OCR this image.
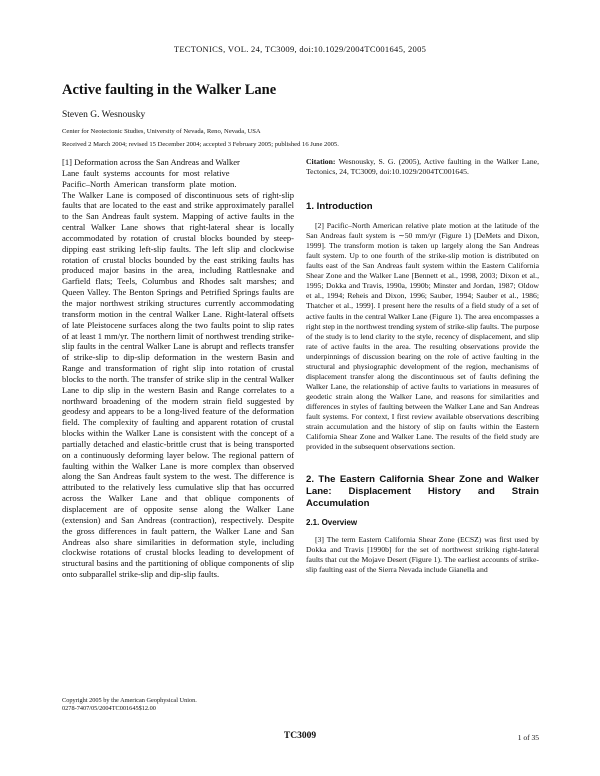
TECTONICS, VOL. 24, TC3009, doi:10.1029/2004TC001645, 2005
Active faulting in the Walker Lane
Steven G. Wesnousky
Center for Neotectonic Studies, University of Nevada, Reno, Nevada, USA
Received 2 March 2004; revised 15 December 2004; accepted 3 February 2005; published 16 June 2005.
[1] Deformation across the San Andreas and Walker
Lane  fault  systems  accounts  for  most  relative
Pacific–North  American  transform  plate  motion.

The Walker Lane is composed of discontinuous sets of right-slip faults that are located to the east and strike approximately parallel to the San Andreas fault system. Mapping of active faults in the central Walker Lane shows that right-lateral shear is locally accommodated by rotation of crustal blocks bounded by steep-dipping east striking left-slip faults. The left slip and clockwise rotation of crustal blocks bounded by the east striking faults has produced major basins in the area, including Rattlesnake and Garfield flats; Teels, Columbus and Rhodes salt marshes; and Queen Valley. The Benton Springs and Petrified Springs faults are the major northwest striking structures currently accommodating transform motion in the central Walker Lane. Right-lateral offsets of late Pleistocene surfaces along the two faults point to slip rates of at least 1 mm/yr. The northern limit of northwest trending strike-slip faults in the central Walker Lane is abrupt and reflects transfer of strike-slip to dip-slip deformation in the western Basin and Range and transformation of right slip into rotation of crustal blocks to the north. The transfer of strike slip in the central Walker Lane to dip slip in the western Basin and Range correlates to a northward broadening of the modern strain field suggested by geodesy and appears to be a long-lived feature of the deformation field. The complexity of faulting and apparent rotation of crustal blocks within the Walker Lane is consistent with the concept of a partially detached and elastic-brittle crust that is being transported on a continuously deforming layer below. The regional pattern of faulting within the Walker Lane is more complex than observed along the San Andreas fault system to the west. The difference is attributed to the relatively less cumulative slip that has occurred across the Walker Lane and that oblique components of displacement are of opposite sense along the Walker Lane (extension) and San Andreas (contraction), respectively. Despite the gross differences in fault pattern, the Walker Lane and San Andreas also share similarities in deformation style, including clockwise rotations of crustal blocks leading to development of structural basins and the partitioning of oblique components of slip onto subparallel strike-slip and dip-slip faults.

Citation: Wesnousky, S. G. (2005), Active faulting in the Walker Lane, Tectonics, 24, TC3009, doi:10.1029/2004TC001645.

1. Introduction

[2] Pacific–North American relative plate motion at the latitude of the San Andreas fault system is ∼50 mm/yr (Figure 1) [DeMets and Dixon, 1999]. The transform motion is taken up largely along the San Andreas fault system. Up to one fourth of the strike-slip motion is distributed on faults east of the San Andreas fault system within the Eastern California Shear Zone and the Walker Lane [Bennett et al., 1998, 2003; Dixon et al., 1995; Dokka and Travis, 1990a, 1990b; Minster and Jordan, 1987; Oldow et al., 1994; Reheis and Dixon, 1996; Sauber, 1994; Sauber et al., 1986; Thatcher et al., 1999]. I present here the results of a field study of a set of active faults in the central Walker Lane (Figure 1). The area encompasses a right step in the northwest trending system of strike-slip faults. The purpose of the study is to lend clarity to the style, recency of displacement, and slip rate of active faults in the area. The resulting observations provide the underpinnings of discussion bearing on the role of active faulting in the structural and physiographic development of the region, mechanisms of displacement transfer along the discontinuous set of faults defining the Walker Lane, the relationship of active faults to variations in measures of geodetic strain along the Walker Lane, and reasons for similarities and differences in styles of faulting between the Walker Lane and San Andreas fault systems. For context, I first review available observations describing strain accumulation and the history of slip on faults within the Eastern California Shear Zone and Walker Lane. The results of the field study are provided in the subsequent observations section.

2. The Eastern California Shear Zone and Walker Lane: Displacement History and Strain Accumulation
2.1. Overview

[3] The term Eastern California Shear Zone (ECSZ) was first used by Dokka and Travis [1990b] for the set of northwest striking right-lateral faults that cut the Mojave Desert (Figure 1). The earliest accounts of strike-slip faulting east of the Sierra Nevada include Gianella and

Copyright 2005 by the American Geophysical Union.
0278-7407/05/2004TC001645$12.00
TC3009	1 of 35
